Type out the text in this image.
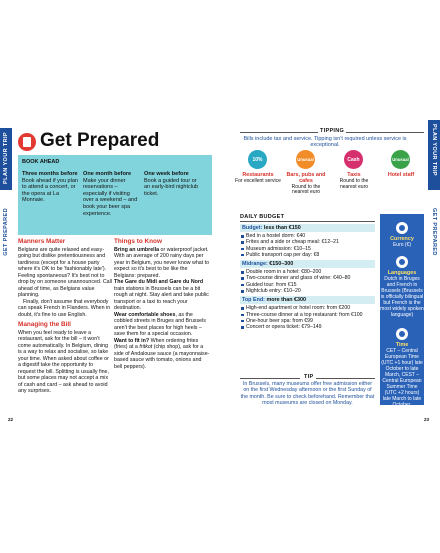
PLAN YOUR TRIP
GET PREPARED
Get Prepared
BOOK AHEAD
Three months before
Book ahead if you plan to attend a concert, or the opera at La Monnaie.
One month before
Make your dinner reservations – especially if visiting over a weekend – and book your beer spa experience.
One week before
Book a guided tour or an early-bird nightclub ticket.
Manners Matter

Belgians are quite relaxed and easy-going but dislike pretentiousness and tardiness (except for a house party where it's OK to be 'fashionably late'). Feeling spontaneous? It's best not to drop by on someone unannounced. Call ahead of time, as Belgians value planning.

Finally, don't assume that everybody can speak French in Flanders. When in doubt, it's fine to use English.

Managing the Bill

When you feel ready to leave a restaurant, ask for the bill – it won't come automatically. In Belgium, dining is a way to relax and socialise, so take your time. When asked about coffee or a digestif take the opportunity to request the bill. Splitting is usually fine, but some places may not accept a mix of cash and card – ask ahead to avoid any surprises.

Things to Know

Bring an umbrella or waterproof jacket. With an average of 200 rainy days per year in Belgium, you never know what to expect so it's best to be like the Belgians: prepared.

The Gare du Midi and Gare du Nord train stations in Brussels can be a bit rough at night. Stay alert and take public transport or a taxi to reach your destination.

Wear comfortable shoes, as the cobbled streets in Bruges and Brussels aren't the best places for high heels – save them for a special occasion.

Want to fit in? When ordering frites (fries) at a fritkot (chip shop), ask for a side of Andalouse sauce (a mayonnaise-based sauce with tomato, onions and bell peppers).

22
PLAN YOUR TRIP
GET PREPARED
TIPPING
Bills include tax and service. Tipping isn't required unless service is exceptional.
10%
Restaurants
For excellent service
Unusual
Bars, pubs and cafes
Round to the nearest euro
Cash
Taxis
Round to the nearest euro
Unusual
Hotel staff
DAILY BUDGET
Budget: less than €150
Bed in a hostel dorm: €40
Frites and a side or cheap meal: €12–21
Museum admission: €10–15
Public transport cap per day: €8
Midrange: €150–300
Double room in a hotel: €80–200
Two-course dinner and glass of wine: €40–80
Guided tour: from €15
Nightclub entry: €10–20
Top End: more than €300
High-end apartment or hotel room: from €200
Three-course dinner at a top restaurant: from €100
One-hour beer spa: from €99
Concert or opera ticket: €79–149
Currency
Euro (€)
Languages
Dutch in Bruges and French in Brussels (Brussels is officially bilingual but French is the most widely spoken language)
Time
CET – Central European Time (UTC +1 hour) late October to late March, CEST – Central European Summer Time (UTC +2 hours) late March to late October.
TIP
In Brussels, many museums offer free admission either on the first Wednesday afternoon or the first Sunday of the month. Be sure to check beforehand. Remember that most museums are closed on Monday.
23
